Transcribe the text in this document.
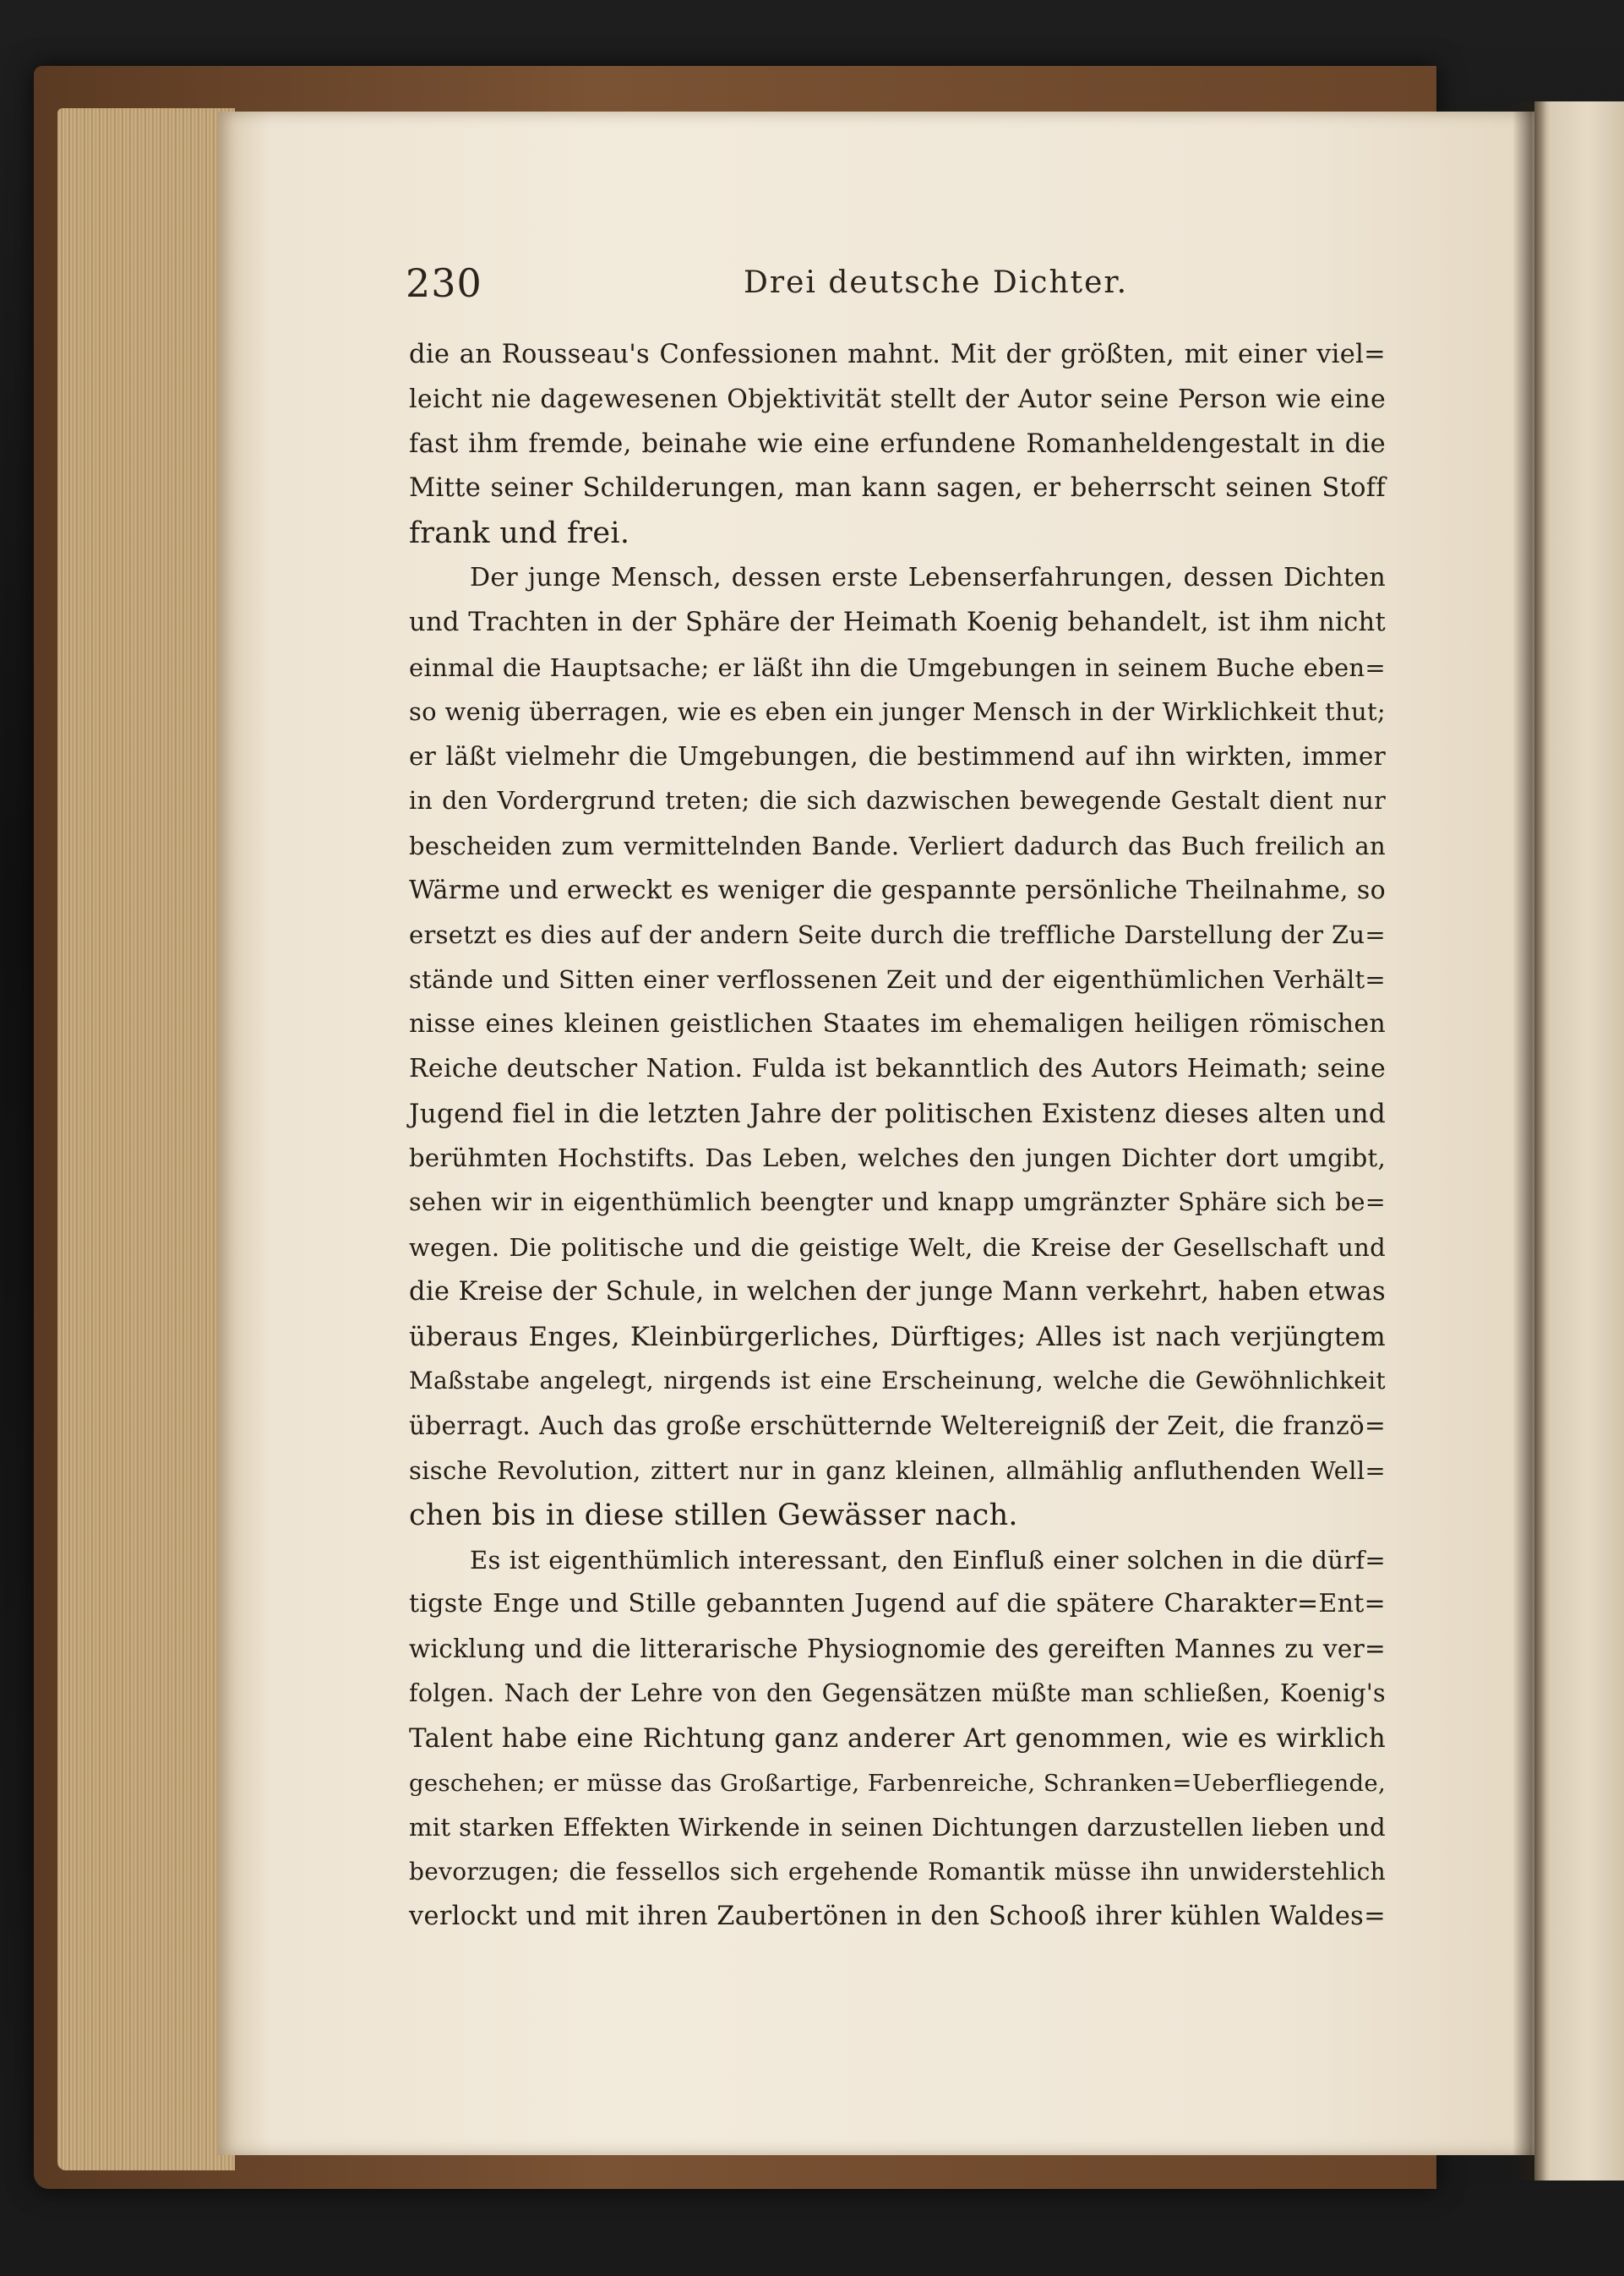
230	Drei deutsche Dichter.
die an Rousseau's Confessionen mahnt. Mit der größten, mit einer viel=
leicht nie dagewesenen Objektivität stellt der Autor seine Person wie eine
fast ihm fremde, beinahe wie eine erfundene Romanheldengestalt in die
Mitte seiner Schilderungen, man kann sagen, er beherrscht seinen Stoff
frank und frei.
Der junge Mensch, dessen erste Lebenserfahrungen, dessen Dichten
und Trachten in der Sphäre der Heimath Koenig behandelt, ist ihm nicht
einmal die Hauptsache; er läßt ihn die Umgebungen in seinem Buche eben=
so wenig überragen, wie es eben ein junger Mensch in der Wirklichkeit thut;
er läßt vielmehr die Umgebungen, die bestimmend auf ihn wirkten, immer
in den Vordergrund treten; die sich dazwischen bewegende Gestalt dient nur
bescheiden zum vermittelnden Bande. Verliert dadurch das Buch freilich an
Wärme und erweckt es weniger die gespannte persönliche Theilnahme, so
ersetzt es dies auf der andern Seite durch die treffliche Darstellung der Zu=
stände und Sitten einer verflossenen Zeit und der eigenthümlichen Verhält=
nisse eines kleinen geistlichen Staates im ehemaligen heiligen römischen
Reiche deutscher Nation. Fulda ist bekanntlich des Autors Heimath; seine
Jugend fiel in die letzten Jahre der politischen Existenz dieses alten und
berühmten Hochstifts. Das Leben, welches den jungen Dichter dort umgibt,
sehen wir in eigenthümlich beengter und knapp umgränzter Sphäre sich be=
wegen. Die politische und die geistige Welt, die Kreise der Gesellschaft und
die Kreise der Schule, in welchen der junge Mann verkehrt, haben etwas
überaus Enges, Kleinbürgerliches, Dürftiges; Alles ist nach verjüngtem
Maßstabe angelegt, nirgends ist eine Erscheinung, welche die Gewöhnlichkeit
überragt. Auch das große erschütternde Weltereigniß der Zeit, die franzö=
sische Revolution, zittert nur in ganz kleinen, allmählig anfluthenden Well=
chen bis in diese stillen Gewässer nach.
Es ist eigenthümlich interessant, den Einfluß einer solchen in die dürf=
tigste Enge und Stille gebannten Jugend auf die spätere Charakter=Ent=
wicklung und die litterarische Physiognomie des gereiften Mannes zu ver=
folgen. Nach der Lehre von den Gegensätzen müßte man schließen, Koenig's
Talent habe eine Richtung ganz anderer Art genommen, wie es wirklich
geschehen; er müsse das Großartige, Farbenreiche, Schranken=Ueberfliegende,
mit starken Effekten Wirkende in seinen Dichtungen darzustellen lieben und
bevorzugen; die fessellos sich ergehende Romantik müsse ihn unwiderstehlich
verlockt und mit ihren Zaubertönen in den Schooß ihrer kühlen Waldes=
